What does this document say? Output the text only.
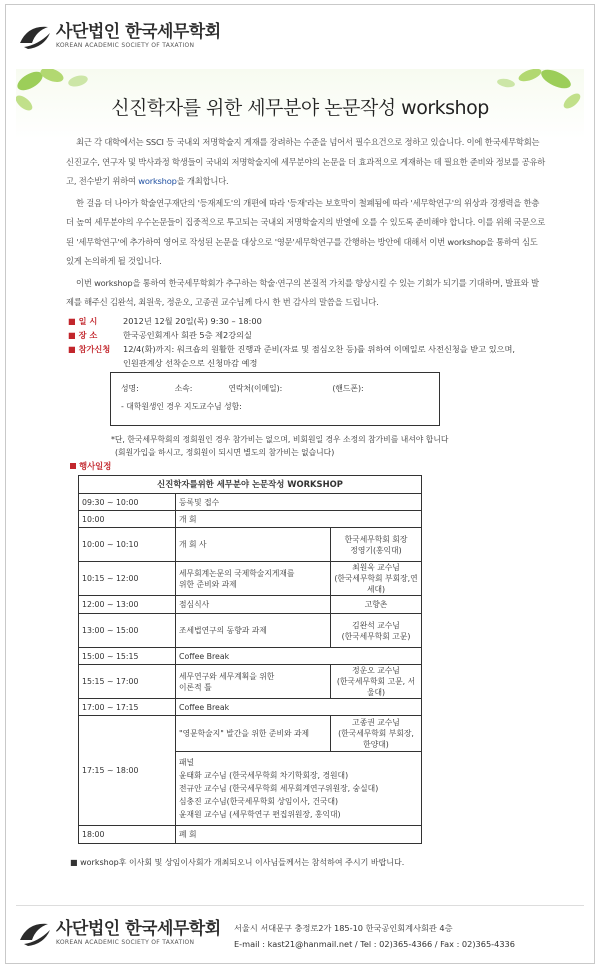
사단법인 한국세무학회
KOREAN ACADEMIC SOCIETY OF TAXATION
신진학자를 위한 세무분야 논문작성 workshop

최근 각 대학에서는 SSCI 등 국내외 저명학술지 게재를 장려하는 수준을 넘어서 필수요건으로 정하고 있습니다. 이에 한국세무학회는 신진교수, 연구자 및 박사과정 학생들이 국내외 저명학술지에 세무분야의 논문을 더 효과적으로 게재하는 데 필요한 준비와 정보를 공유하고, 전수받기 위하여 workshop을 개최합니다.

한 걸음 더 나아가 학술연구재단의 '등재제도'의 개편에 따라 '등재'라는 보호막이 철폐됨에 따라 '세무학연구'의 위상과 경쟁력을 한층 더 높여 세무분야의 우수논문들이 집중적으로 투고되는 국내외 저명학술지의 반열에 오를 수 있도록 준비해야 합니다. 이를 위해 국문으로 된 '세무학연구'에 추가하여 영어로 작성된 논문을 대상으로 '영문'세무학연구를 간행하는 방안에 대해서 이번 workshop을 통하여 심도 있게 논의하게 될 것입니다.

이번 workshop을 통하여 한국세무학회가 추구하는 학술·연구의 본질적 가치를 향상시킬 수 있는 기회가 되기를 기대하며, 발표와 발제를 해주신 김완석, 최원욱, 정운오, 고종권 교수님께 다시 한 번 감사의 말씀을 드립니다.

■ 일 시	2012년 12월 20일(목) 9:30 – 18:00
■ 장 소	한국공인회계사 회관 5층 제2강의실
■ 참가신청	12/4(화)까지: 워크숍의 원활한 진행과 준비(자료 및 점심오찬 등)를 위하여 이메일로 사전신청을 받고 있으며,
인원관계상 선착순으로 신청마감 예정
성명:	소속:	연락처(이메일):	(핸드폰):
- 대학원생인 경우 지도교수님 성함:
*단, 한국세무학회의 정회원인 경우 참가비는 없으며, 비회원일 경우 소정의 참가비를 내셔야 합니다
(회원가입을 하시고, 정회원이 되시면 별도의 참가비는 없습니다)
행사일정
신진학자를위한 세무분야 논문작성 WORKSHOP		
09:30 ~ 10:00	등록및 접수	
10:00	개 회	
10:00 ~ 10:10	개 회 사	한국세무학회 회장
정영기(홍익대)
10:15 ~ 12:00	세무회계논문의 국제학술지게재를
위한 준비와 과제	최원욱 교수님
(한국세무학회 부회장,연세대)
12:00 ~ 13:00	점심식사	고향촌
13:00 ~ 15:00	조세법연구의 동향과 과제	김완석 교수님
(한국세무학회 고문)
15:00 ~ 15:15	Coffee Break	
15:15 ~ 17:00	세무연구와 세무계획을 위한
이론적 틀	정운오 교수님
(한국세무학회 고문, 서울대)
17:00 ~ 17:15	Coffee Break	
17:15 ~ 18:00	"영문학술지" 발간을 위한 준비와 과제	고종권 교수님
(한국세무학회 부회장, 한양대)
	패널
윤태화 교수님 (한국세무학회 차기학회장, 경원대)
전규안 교수님 (한국세무학회 세무회계연구위원장, 숭실대)
심충진 교수님(한국세무학회 상임이사, 건국대)
윤재원 교수님 (세무학연구 편집위원장, 홍익대)	
18:00	폐 회	
■ workshop후 이사회 및 상임이사회가 개최되오니 이사님들께서는 참석하여 주시기 바랍니다.
사단법인 한국세무학회
KOREAN ACADEMIC SOCIETY OF TAXATION
서울시 서대문구 충정로2가 185-10 한국공인회계사회관 4층
E-mail : kast21@hanmail.net / Tel : 02)365-4366 / Fax : 02)365-4336
